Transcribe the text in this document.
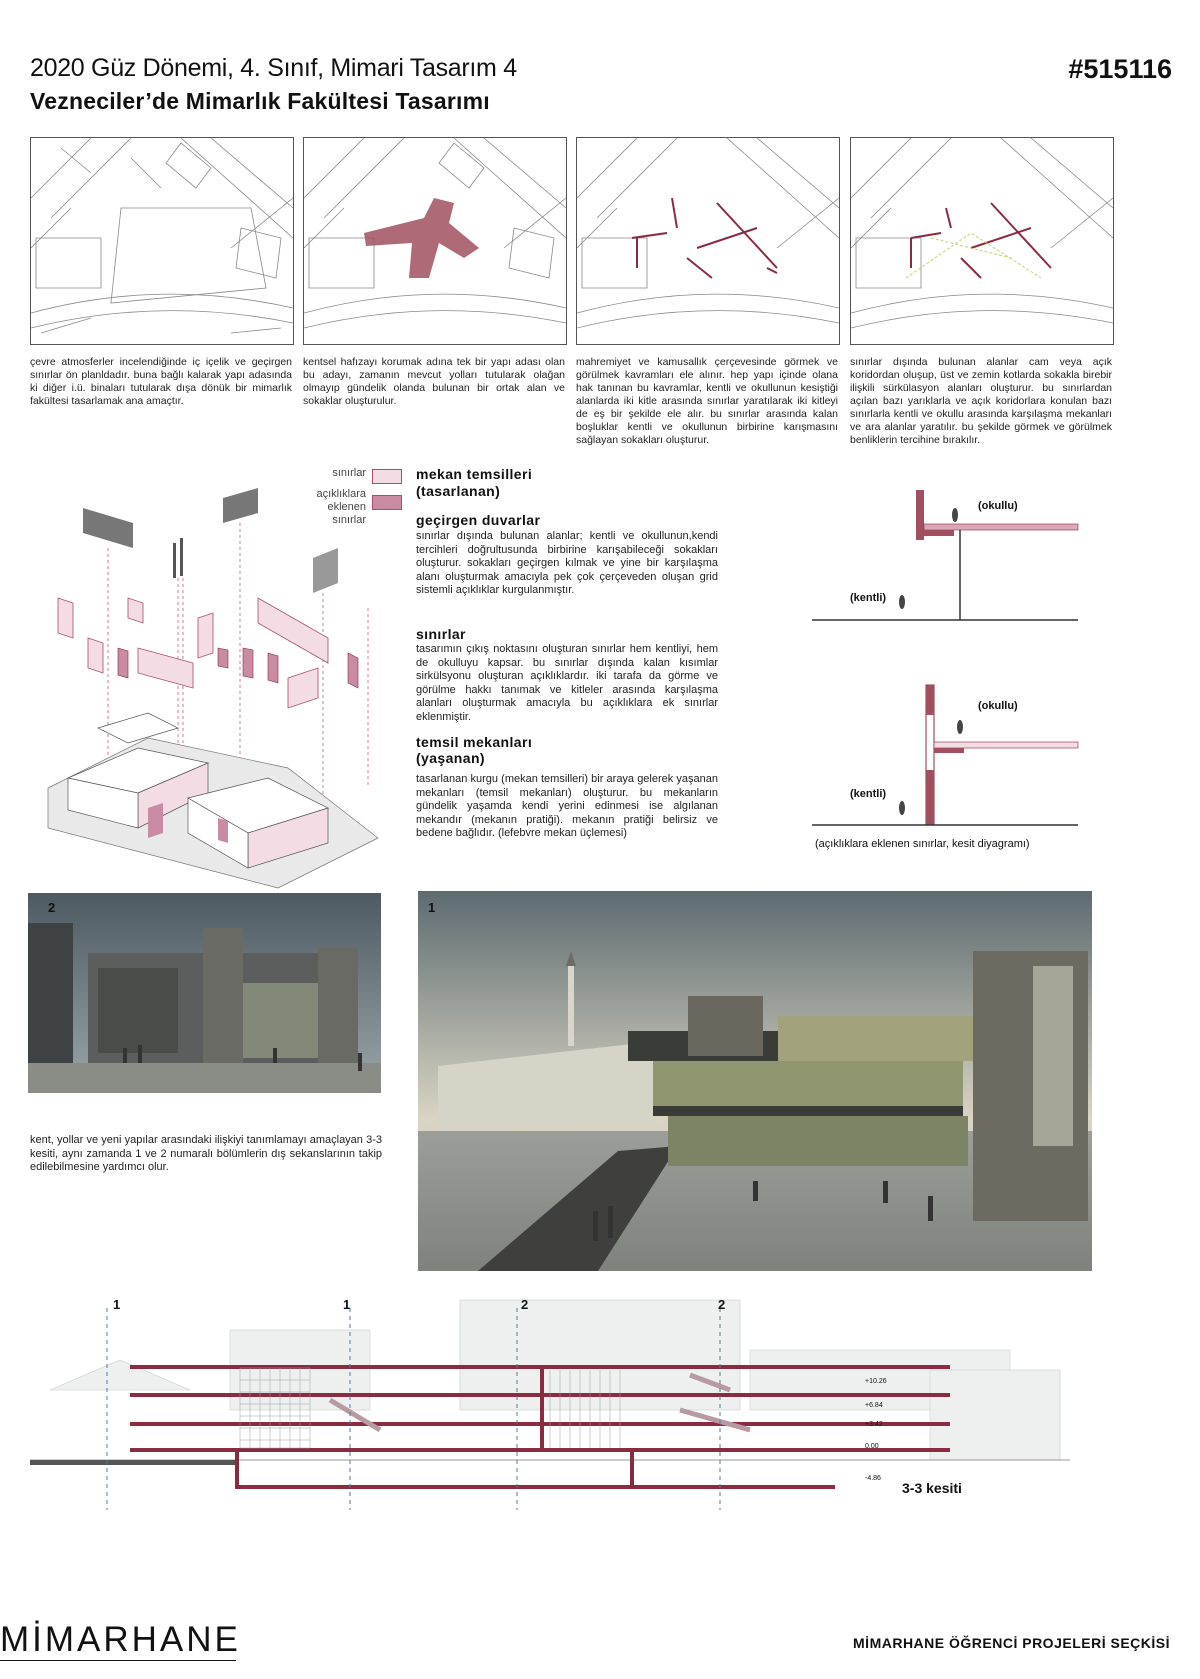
2020 Güz Dönemi, 4. Sınıf, Mimari Tasarım 4
Vezneciler’de Mimarlık Fakültesi Tasarımı
#515116
çevre atmosferler incelendiğinde iç içelik ve geçirgen sınırlar ön planldadır. buna bağlı kalarak yapı adasında ki diğer i.ü. binaları tutularak dışa dönük bir mimarlık fakültesi tasarlamak ana amaçtır.
kentsel hafızayı korumak adına tek bir yapı adası olan bu adayı, zamanın mevcut yolları tutularak olağan olmayıp gündelik olanda bulunan bir ortak alan ve sokaklar oluşturulur.
mahremiyet ve kamusallık çerçevesinde görmek ve görülmek kavramları ele alınır. hep yapı içinde olana hak tanınan bu kavramlar, kentli ve okullunun kesiştiği alanlarda iki kitle arasında sınırlar yaratılarak iki kitleyi de eş bir şekilde ele alır. bu sınırlar arasında kalan boşluklar kentli ve okullunun birbirine karışmasını sağlayan sokakları oluşturur.
sınırlar dışında bulunan alanlar cam veya açık koridordan oluşup, üst ve zemin kotlarda sokakla birebir ilişkili sürkülasyon alanları oluşturur. bu sınırlardan açılan bazı yarıklarla ve açık koridorlara konulan bazı sınırlarla kentli ve okullu arasında karşılaşma mekanları ve ara alanlar yaratılır. bu şekilde görmek ve görülmek benliklerin tercihine bırakılır.
sınırlar
açıklıklara
eklenen
sınırlar
mekan temsilleri
(tasarlanan)
geçirgen duvarlar
sınırlar dışında bulunan alanlar; kentli ve okullunun,kendi tercihleri doğrultusunda birbirine karışabileceği sokakları oluşturur. sokakları geçirgen kılmak ve yine bir karşılaşma alanı oluşturmak amacıyla pek çok çerçeveden oluşan grid sistemli açıklıklar kurgulanmıştır.
sınırlar
tasarımın çıkış noktasını oluşturan sınırlar hem kentliyi, hem de okulluyu kapsar. bu sınırlar dışında kalan kısımlar sirkülsyonu oluşturan açıklıklardır. iki tarafa da görme ve görülme hakkı tanımak ve kitleler arasında karşılaşma alanları oluşturmak amacıyla bu açıklıklara ek sınırlar eklenmiştir.
temsil mekanları
(yaşanan)
tasarlanan kurgu (mekan temsilleri) bir araya gelerek yaşanan mekanları (temsil mekanları) oluşturur. bu mekanların gündelik yaşamda kendi yerini edinmesi ise algılanan mekandır (mekanın pratiği). mekanın pratiği belirsiz ve bedene bağlıdır. (lefebvre mekan üçlemesi)
(okullu)
(kentli)
(okullu)
(kentli)
(açıklıklara eklenen sınırlar, kesit diyagramı)
2	1
kent, yollar ve yeni yapılar arasındaki ilişkiyi tanımlamayı amaçlayan 3-3 kesiti, aynı zamanda 1 ve 2 numaralı bölümlerin dış sekanslarının takip edilebilmesine yardımcı olur.
1	1	2	2
+10.26
+6.84
+3.42
0.00
-4.86
3-3 kesiti
MİMARHANE	MİMARHANE ÖĞRENCİ PROJELERİ SEÇKİSİ
